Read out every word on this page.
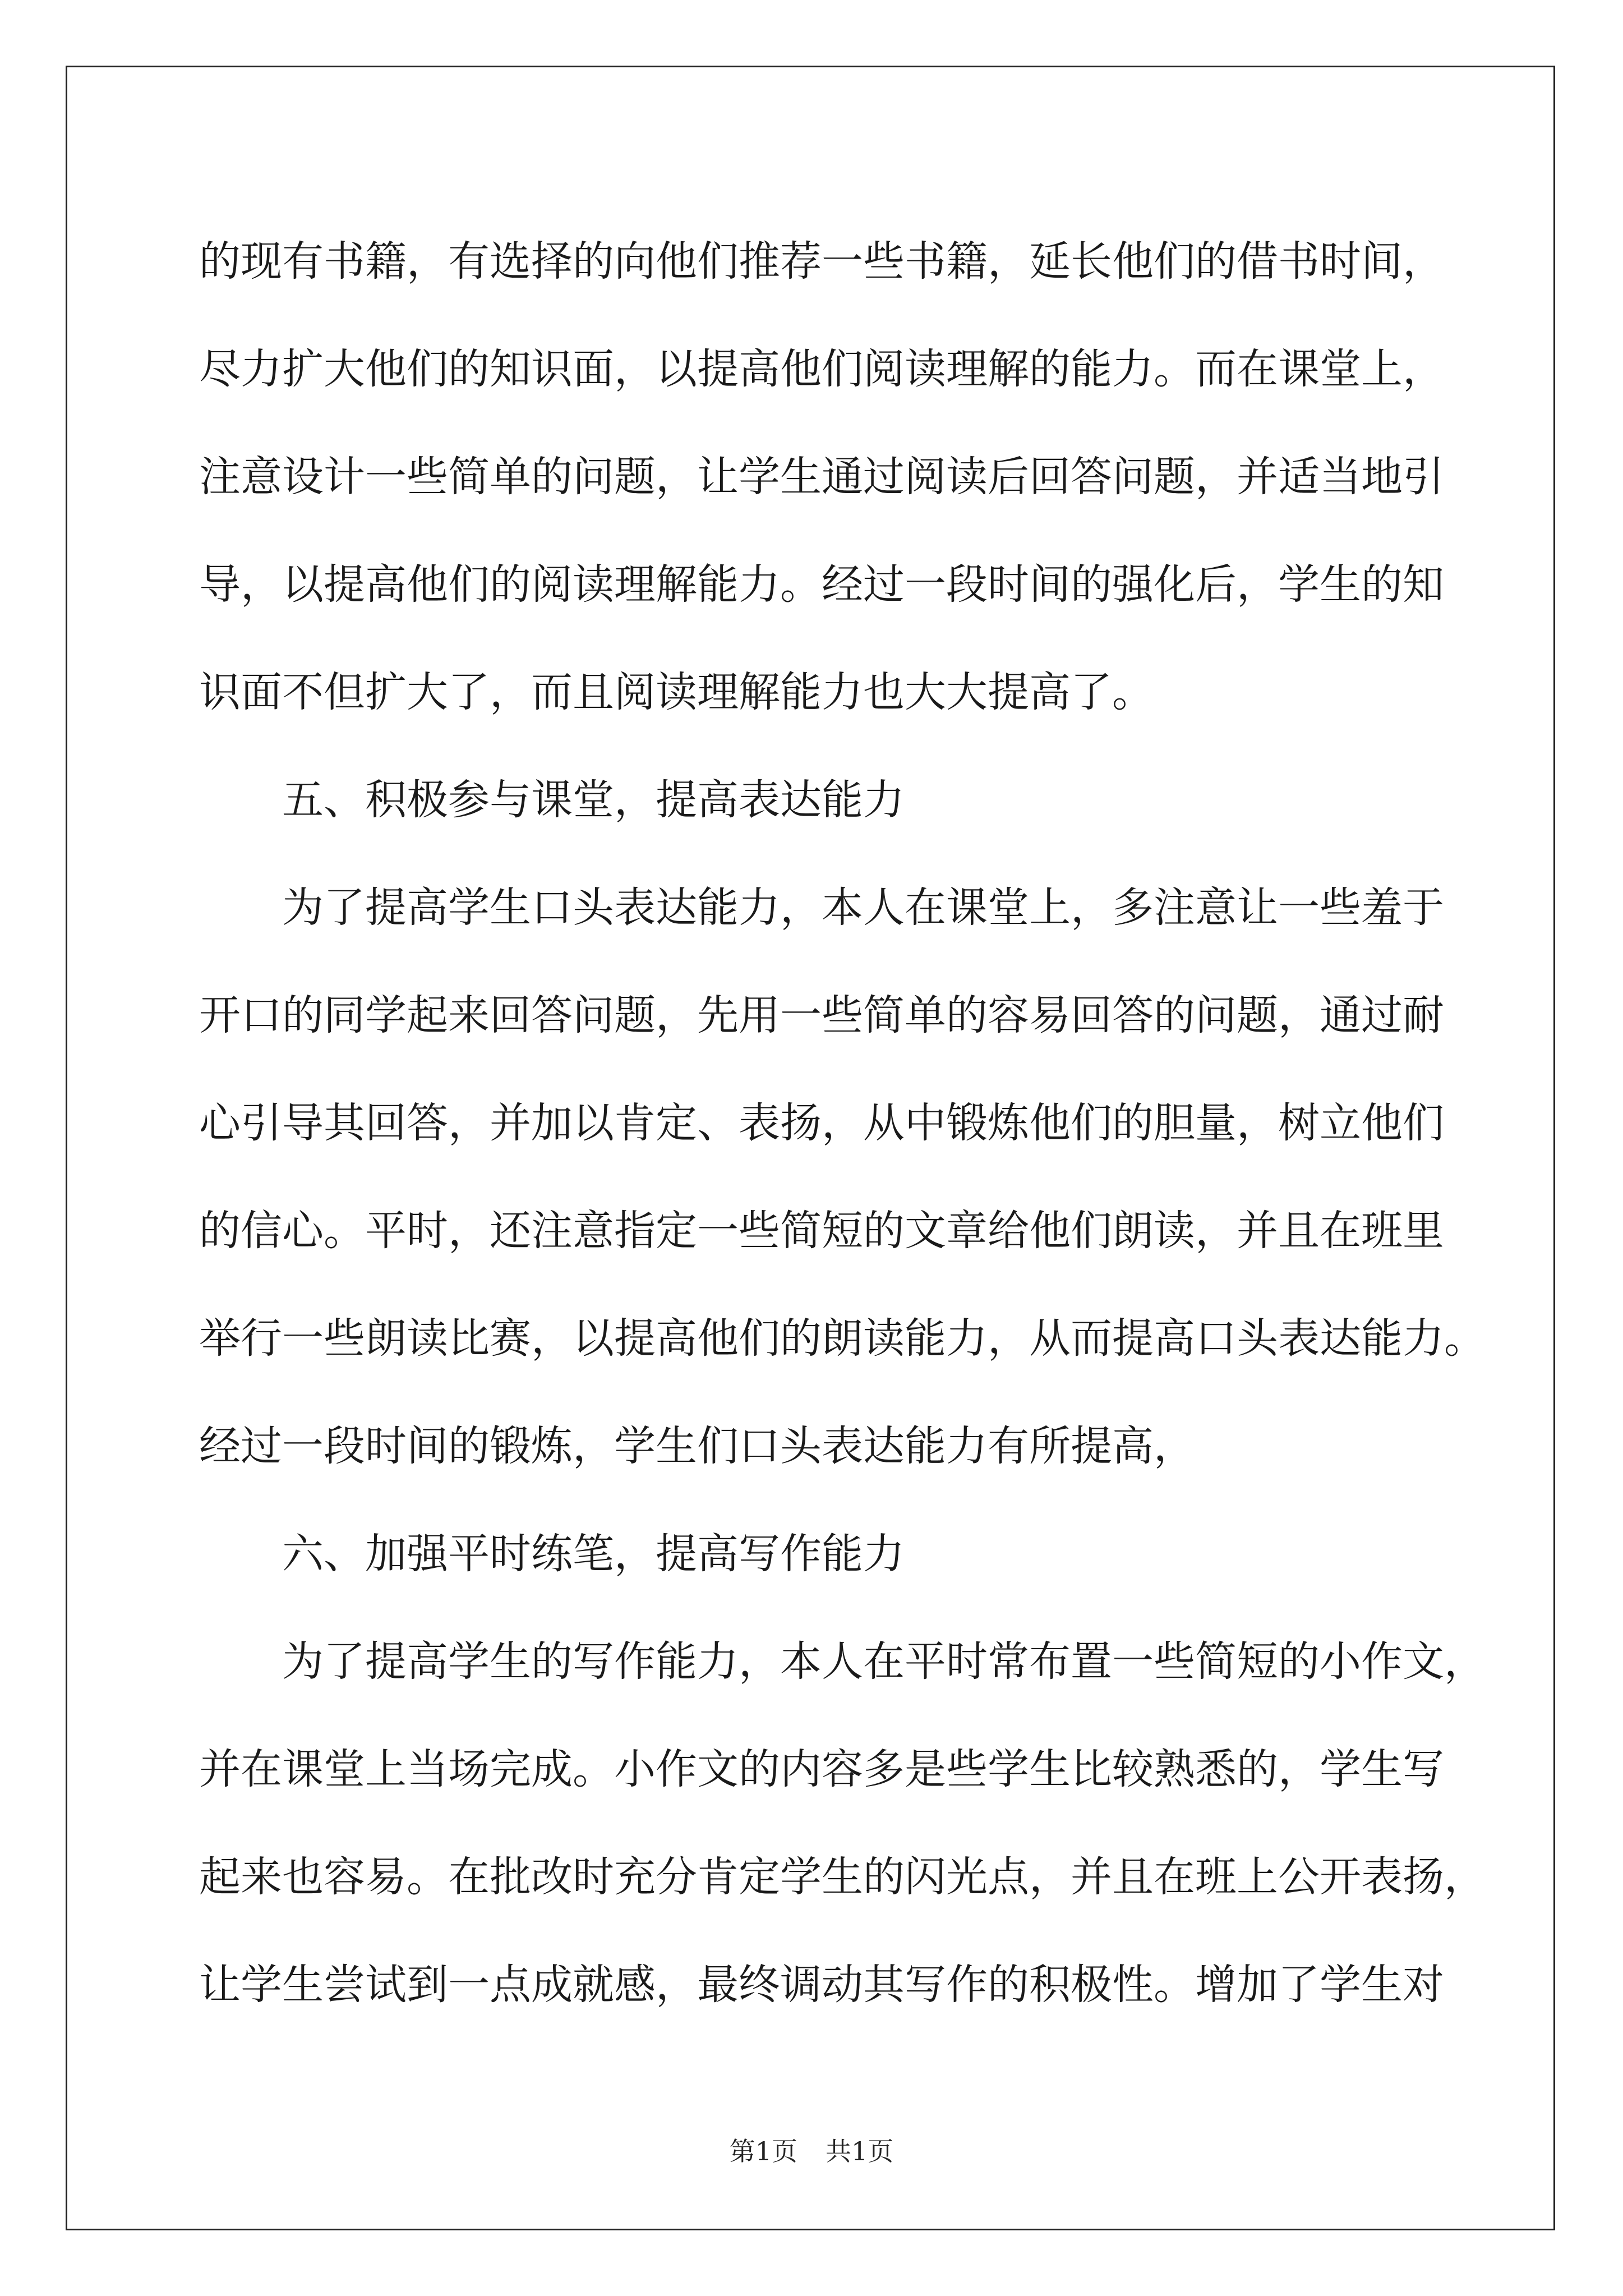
的现有书籍，有选择的向他们推荐一些书籍，延长他们的借书时间，
尽力扩大他们的知识面，以提高他们阅读理解的能力。而在课堂上，
注意设计一些简单的问题，让学生通过阅读后回答问题，并适当地引
导，以提高他们的阅读理解能力。经过一段时间的强化后，学生的知
识面不但扩大了，而且阅读理解能力也大大提高了。
五、积极参与课堂，提高表达能力
为了提高学生口头表达能力，本人在课堂上，多注意让一些羞于
开口的同学起来回答问题，先用一些简单的容易回答的问题，通过耐
心引导其回答，并加以肯定、表扬，从中锻炼他们的胆量，树立他们
的信心。平时，还注意指定一些简短的文章给他们朗读，并且在班里
举行一些朗读比赛，以提高他们的朗读能力，从而提高口头表达能力。
经过一段时间的锻炼，学生们口头表达能力有所提高，
六、加强平时练笔，提高写作能力
为了提高学生的写作能力，本人在平时常布置一些简短的小作文，
并在课堂上当场完成。小作文的内容多是些学生比较熟悉的，学生写
起来也容易。在批改时充分肯定学生的闪光点，并且在班上公开表扬，
让学生尝试到一点成就感，最终调动其写作的积极性。增加了学生对
第1页 共1页
